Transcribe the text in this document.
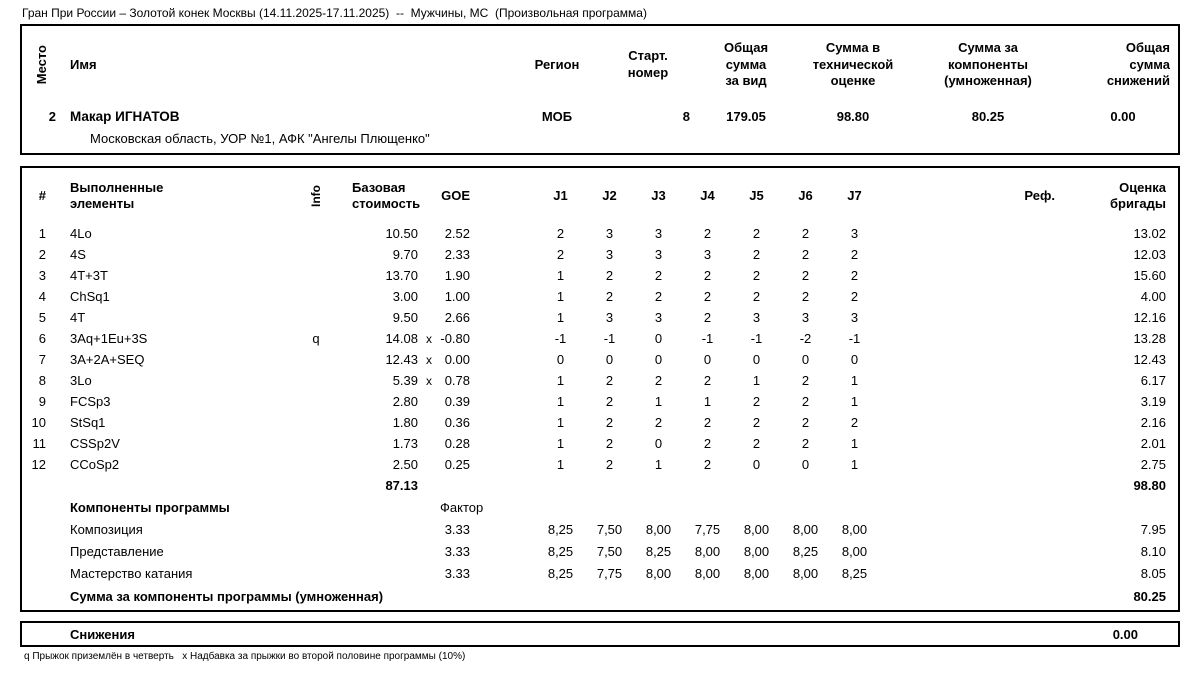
Гран При России – Золотой конек Москвы (14.11.2025-17.11.2025)  --  Мужчины, МС  (Произвольная программа)
Место	Имя	Регион
Старт. номер
Общая сумма за вид
Сумма в технической оценке
Сумма за компоненты (умноженная)
Общая сумма снижений
2	Макар ИГНАТОВ	МОБ	8	179.05	98.80	80.25	0.00
Московская область, УОР №1, АФК "Ангелы Плющенко"
#
Выполненные элементы	Info	Базовая стоимость
GOE	J1	J2	J3	J4	J5	J6	J7	Реф.
Оценка бригады
1	4Lo	10.50	2.52	2	3	3	2	2	2	3	13.02
2	4S	9.70	2.33	2	3	3	3	2	2	2	12.03
3	4T+3T	13.70	1.90	1	2	2	2	2	2	2	15.60
4	ChSq1	3.00	1.00	1	2	2	2	2	2	2	4.00
5	4T	9.50	2.66	1	3	3	2	3	3	3	12.16
6	3Aq+1Eu+3S	q	14.08 x -0.80	-1	-1	0	-1	-1	-2	-1	13.28
7	3A+2A+SEQ	12.43 x 0.00	0	0	0	0	0	0	0	12.43
8	3Lo	5.39 x 0.78	1	2	2	2	1	2	1	6.17
9	FCSp3	2.80	0.39	1	2	1	1	2	2	1	3.19
10	StSq1	1.80	0.36	1	2	2	2	2	2	2	2.16
11	CSSp2V	1.73	0.28	1	2	0	2	2	2	1	2.01
12	CCoSp2	2.50	0.25	1	2	1	2	0	0	1	2.75
87.13	98.80
Компоненты программы	Фактор
Композиция	3.33	8,25	7,50	8,00	7,75	8,00	8,00	8,00	7.95
Представление	3.33	8,25	7,50	8,25	8,00	8,00	8,25	8,00	8.10
Мастерство катания	3.33	8,25	7,75	8,00	8,00	8,00	8,00	8,25	8.05
Сумма за компоненты программы (умноженная)	80.25
Снижения	0.00
q Прыжок приземлён в четверть   x Надбавка за прыжки во второй половине программы (10%)
